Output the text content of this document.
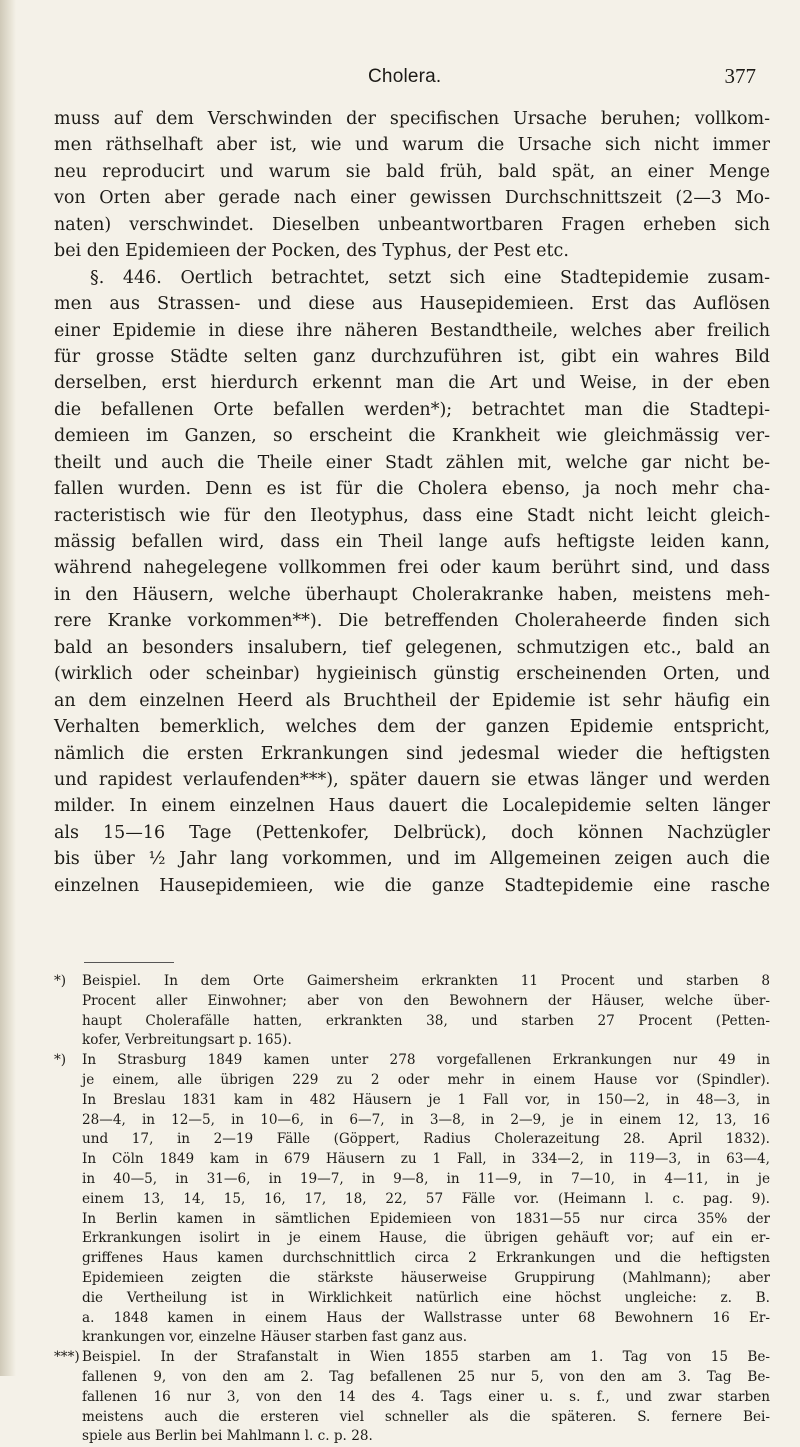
Cholera.	377
muss auf dem Verschwinden der specifischen Ursache beruhen; vollkom-
men räthselhaft aber ist, wie und warum die Ursache sich nicht immer
neu reproducirt und warum sie bald früh, bald spät, an einer Menge
von Orten aber gerade nach einer gewissen Durchschnittszeit (2—3 Mo-
naten) verschwindet. Dieselben unbeantwortbaren Fragen erheben sich
bei den Epidemieen der Pocken, des Typhus, der Pest etc.
§. 446. Oertlich betrachtet, setzt sich eine Stadtepidemie zusam-
men aus Strassen- und diese aus Hausepidemieen. Erst das Auflösen
einer Epidemie in diese ihre näheren Bestandtheile, welches aber freilich
für grosse Städte selten ganz durchzuführen ist, gibt ein wahres Bild
derselben, erst hierdurch erkennt man die Art und Weise, in der eben
die befallenen Orte befallen werden*); betrachtet man die Stadtepi-
demieen im Ganzen, so erscheint die Krankheit wie gleichmässig ver-
theilt und auch die Theile einer Stadt zählen mit, welche gar nicht be-
fallen wurden. Denn es ist für die Cholera ebenso, ja noch mehr cha-
racteristisch wie für den Ileotyphus, dass eine Stadt nicht leicht gleich-
mässig befallen wird, dass ein Theil lange aufs heftigste leiden kann,
während nahegelegene vollkommen frei oder kaum berührt sind, und dass
in den Häusern, welche überhaupt Cholerakranke haben, meistens meh-
rere Kranke vorkommen**). Die betreffenden Choleraheerde finden sich
bald an besonders insalubern, tief gelegenen, schmutzigen etc., bald an
(wirklich oder scheinbar) hygieinisch günstig erscheinenden Orten, und
an dem einzelnen Heerd als Bruchtheil der Epidemie ist sehr häufig ein
Verhalten bemerklich, welches dem der ganzen Epidemie entspricht,
nämlich die ersten Erkrankungen sind jedesmal wieder die heftigsten
und rapidest verlaufenden***), später dauern sie etwas länger und werden
milder. In einem einzelnen Haus dauert die Localepidemie selten länger
als 15—16 Tage (Pettenkofer, Delbrück), doch können Nachzügler
bis über ½ Jahr lang vorkommen, und im Allgemeinen zeigen auch die
einzelnen Hausepidemieen, wie die ganze Stadtepidemie eine rasche
*) Beispiel. In dem Orte Gaimersheim erkrankten 11 Procent und starben 8
Procent aller Einwohner; aber von den Bewohnern der Häuser, welche über-
haupt Cholerafälle hatten, erkrankten 38, und starben 27 Procent (Petten-
kofer, Verbreitungsart p. 165).
*) In Strasburg 1849 kamen unter 278 vorgefallenen Erkrankungen nur 49 in
je einem, alle übrigen 229 zu 2 oder mehr in einem Hause vor (Spindler).
In Breslau 1831 kam in 482 Häusern je 1 Fall vor, in 150—2, in 48—3, in
28—4, in 12—5, in 10—6, in 6—7, in 3—8, in 2—9, je in einem 12, 13, 16
und 17, in 2—19 Fälle (Göppert, Radius Cholerazeitung 28. April 1832).
In Cöln 1849 kam in 679 Häusern zu 1 Fall, in 334—2, in 119—3, in 63—4,
in 40—5, in 31—6, in 19—7, in 9—8, in 11—9, in 7—10, in 4—11, in je
einem 13, 14, 15, 16, 17, 18, 22, 57 Fälle vor. (Heimann l. c. pag. 9).
In Berlin kamen in sämtlichen Epidemieen von 1831—55 nur circa 35% der
Erkrankungen isolirt in je einem Hause, die übrigen gehäuft vor; auf ein er-
griffenes Haus kamen durchschnittlich circa 2 Erkrankungen und die heftigsten
Epidemieen zeigten die stärkste häuserweise Gruppirung (Mahlmann); aber
die Vertheilung ist in Wirklichkeit natürlich eine höchst ungleiche: z. B.
a. 1848 kamen in einem Haus der Wallstrasse unter 68 Bewohnern 16 Er-
krankungen vor, einzelne Häuser starben fast ganz aus.
***) Beispiel. In der Strafanstalt in Wien 1855 starben am 1. Tag von 15 Be-
fallenen 9, von den am 2. Tag befallenen 25 nur 5, von den am 3. Tag Be-
fallenen 16 nur 3, von den 14 des 4. Tags einer u. s. f., und zwar starben
meistens auch die ersteren viel schneller als die späteren. S. fernere Bei-
spiele aus Berlin bei Mahlmann l. c. p. 28.
